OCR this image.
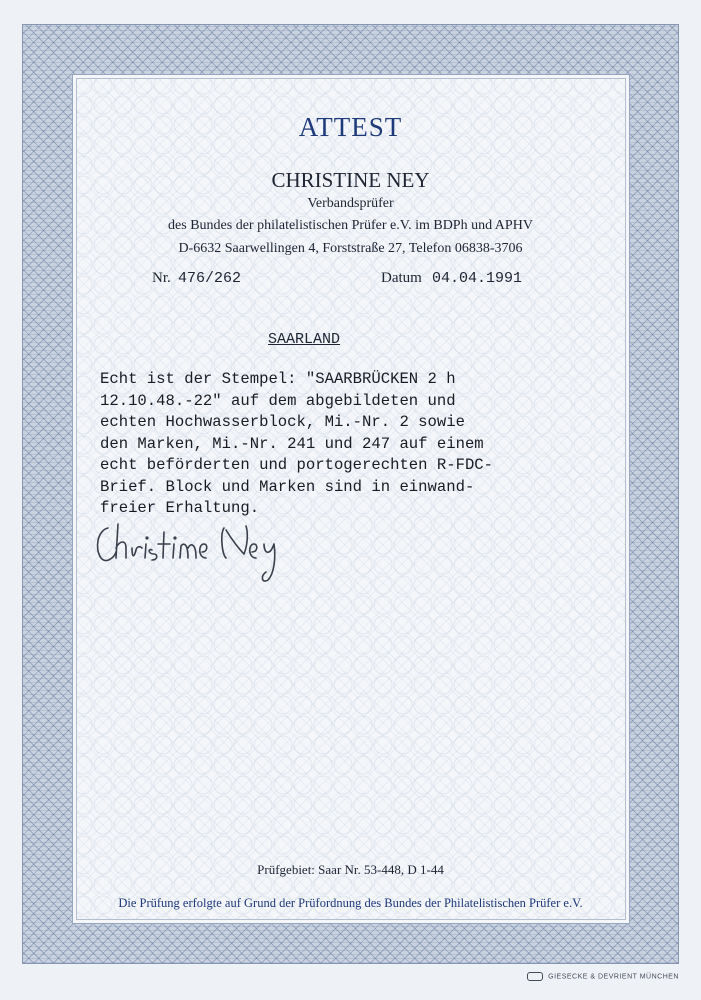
ATTEST
CHRISTINE NEY
Verbandsprüfer
des Bundes der philatelistischen Prüfer e.V. im BDPh und APHV
D-6632 Saarwellingen 4, Forststraße 27, Telefon 06838-3706
Nr. 476/262	Datum 04.04.1991
SAARLAND
Echt ist der Stempel: "SAARBRÜCKEN 2 h
12.10.48.-22" auf dem abgebildeten und
echten Hochwasserblock, Mi.-Nr. 2 sowie
den Marken, Mi.-Nr. 241 und 247 auf einem
echt beförderten und portogerechten R-FDC-
Brief. Block und Marken sind in einwand-
freier Erhaltung.
Prüfgebiet: Saar Nr. 53-448, D 1-44
Die Prüfung erfolgte auf Grund der Prüfordnung des Bundes der Philatelistischen Prüfer e.V.
GIESECKE & DEVRIENT MÜNCHEN
